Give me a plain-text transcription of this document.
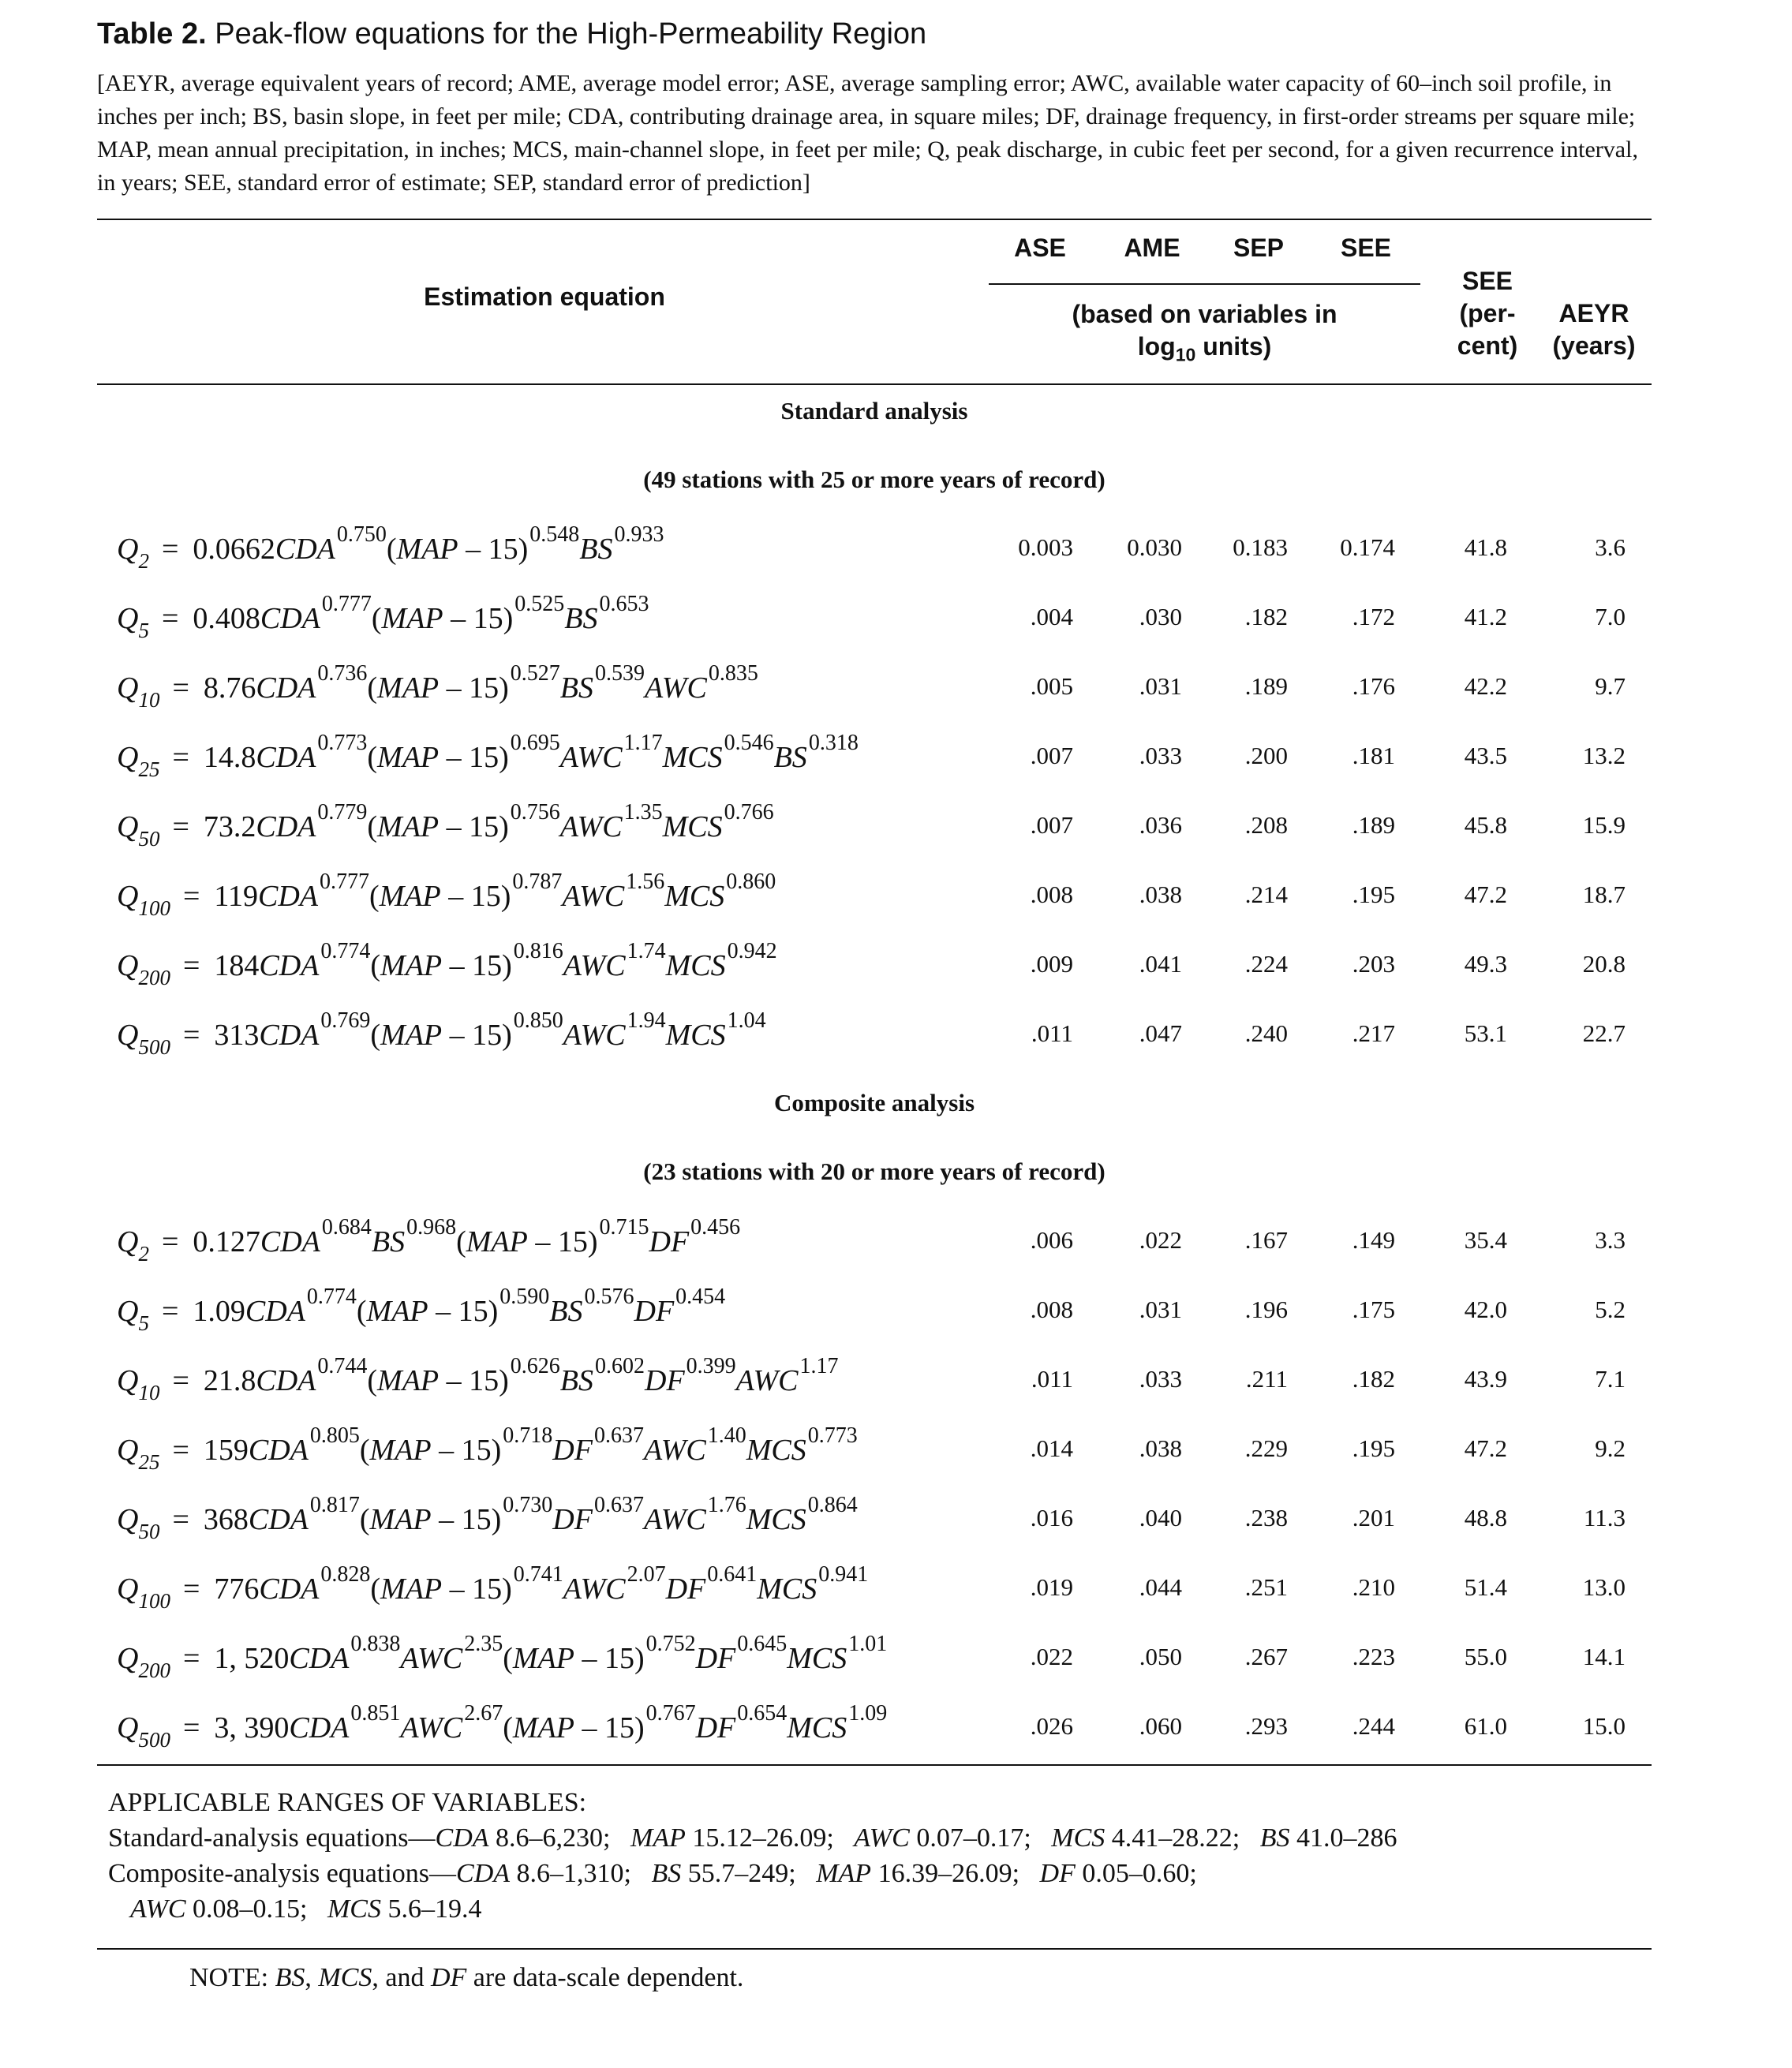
Table 2. Peak-flow equations for the High-Permeability Region
[AEYR, average equivalent years of record; AME, average model error; ASE, average sampling error; AWC, available water capacity of 60–inch soil profile, in inches per inch; BS, basin slope, in feet per mile; CDA, contributing drainage area, in square miles; DF, drainage frequency, in first-order streams per square mile; MAP, mean annual precipitation, in inches; MCS, main-channel slope, in feet per mile; Q, peak discharge, in cubic feet per second, for a given recurrence interval, in years; SEE, standard error of estimate; SEP, standard error of prediction]
Estimation equation
ASE	AME	SEP	SEE
(based on variables in
$\log_{10}$ units)
SEE
(per-
cent)
AEYR
(years)
Standard analysis
(49 stations with 25 or more years of record)
$Q_2 = 0.0662CDA^{0.750}(MAP - 15)^{0.548}BS^{0.933}$	0.003	0.030	0.183	0.174	41.8	3.6
$Q_5 = 0.408CDA^{0.777}(MAP - 15)^{0.525}BS^{0.653}$	.004	.030	.182	.172	41.2	7.0
$Q_{10} = 8.76CDA^{0.736}(MAP - 15)^{0.527}BS^{0.539}AWC^{0.835}$	.005	.031	.189	.176	42.2	9.7
$Q_{25} = 14.8CDA^{0.773}(MAP - 15)^{0.695}AWC^{1.17}MCS^{0.546}BS^{0.318}$	.007	.033	.200	.181	43.5	13.2
$Q_{50} = 73.2CDA^{0.779}(MAP - 15)^{0.756}AWC^{1.35}MCS^{0.766}$	.007	.036	.208	.189	45.8	15.9
$Q_{100} = 119CDA^{0.777}(MAP - 15)^{0.787}AWC^{1.56}MCS^{0.860}$	.008	.038	.214	.195	47.2	18.7
$Q_{200} = 184CDA^{0.774}(MAP - 15)^{0.816}AWC^{1.74}MCS^{0.942}$	.009	.041	.224	.203	49.3	20.8
$Q_{500} = 313CDA^{0.769}(MAP - 15)^{0.850}AWC^{1.94}MCS^{1.04}$	.011	.047	.240	.217	53.1	22.7
Composite analysis
(23 stations with 20 or more years of record)
$Q_2 = 0.127CDA^{0.684}BS^{0.968}(MAP - 15)^{0.715}DF^{0.456}$	.006	.022	.167	.149	35.4	3.3
$Q_5 = 1.09CDA^{0.774}(MAP - 15)^{0.590}BS^{0.576}DF^{0.454}$	.008	.031	.196	.175	42.0	5.2
$Q_{10} = 21.8CDA^{0.744}(MAP - 15)^{0.626}BS^{0.602}DF^{0.399}AWC^{1.17}$	.011	.033	.211	.182	43.9	7.1
$Q_{25} = 159CDA^{0.805}(MAP - 15)^{0.718}DF^{0.637}AWC^{1.40}MCS^{0.773}$	.014	.038	.229	.195	47.2	9.2
$Q_{50} = 368CDA^{0.817}(MAP - 15)^{0.730}DF^{0.637}AWC^{1.76}MCS^{0.864}$	.016	.040	.238	.201	48.8	11.3
$Q_{100} = 776CDA^{0.828}(MAP - 15)^{0.741}AWC^{2.07}DF^{0.641}MCS^{0.941}$	.019	.044	.251	.210	51.4	13.0
$Q_{200} = 1$, $520CDA^{0.838}AWC^{2.35}(MAP - 15)^{0.752}DF^{0.645}MCS^{1.01}$	.022	.050	.267	.223	55.0	14.1
$Q_{500} = 3$, $390CDA^{0.851}AWC^{2.67}(MAP - 15)^{0.767}DF^{0.654}MCS^{1.09}$	.026	.060	.293	.244	61.0	15.0
APPLICABLE RANGES OF VARIABLES:
Standard-analysis equations—CDA 8.6–6,230;   MAP 15.12–26.09;   AWC 0.07–0.17;   MCS 4.41–28.22;   BS 41.0–286
Composite-analysis equations—CDA 8.6–1,310;   BS 55.7–249;   MAP 16.39–26.09;   DF 0.05–0.60;
AWC 0.08–0.15;   MCS 5.6–19.4
NOTE: BS, MCS, and DF are data-scale dependent.
